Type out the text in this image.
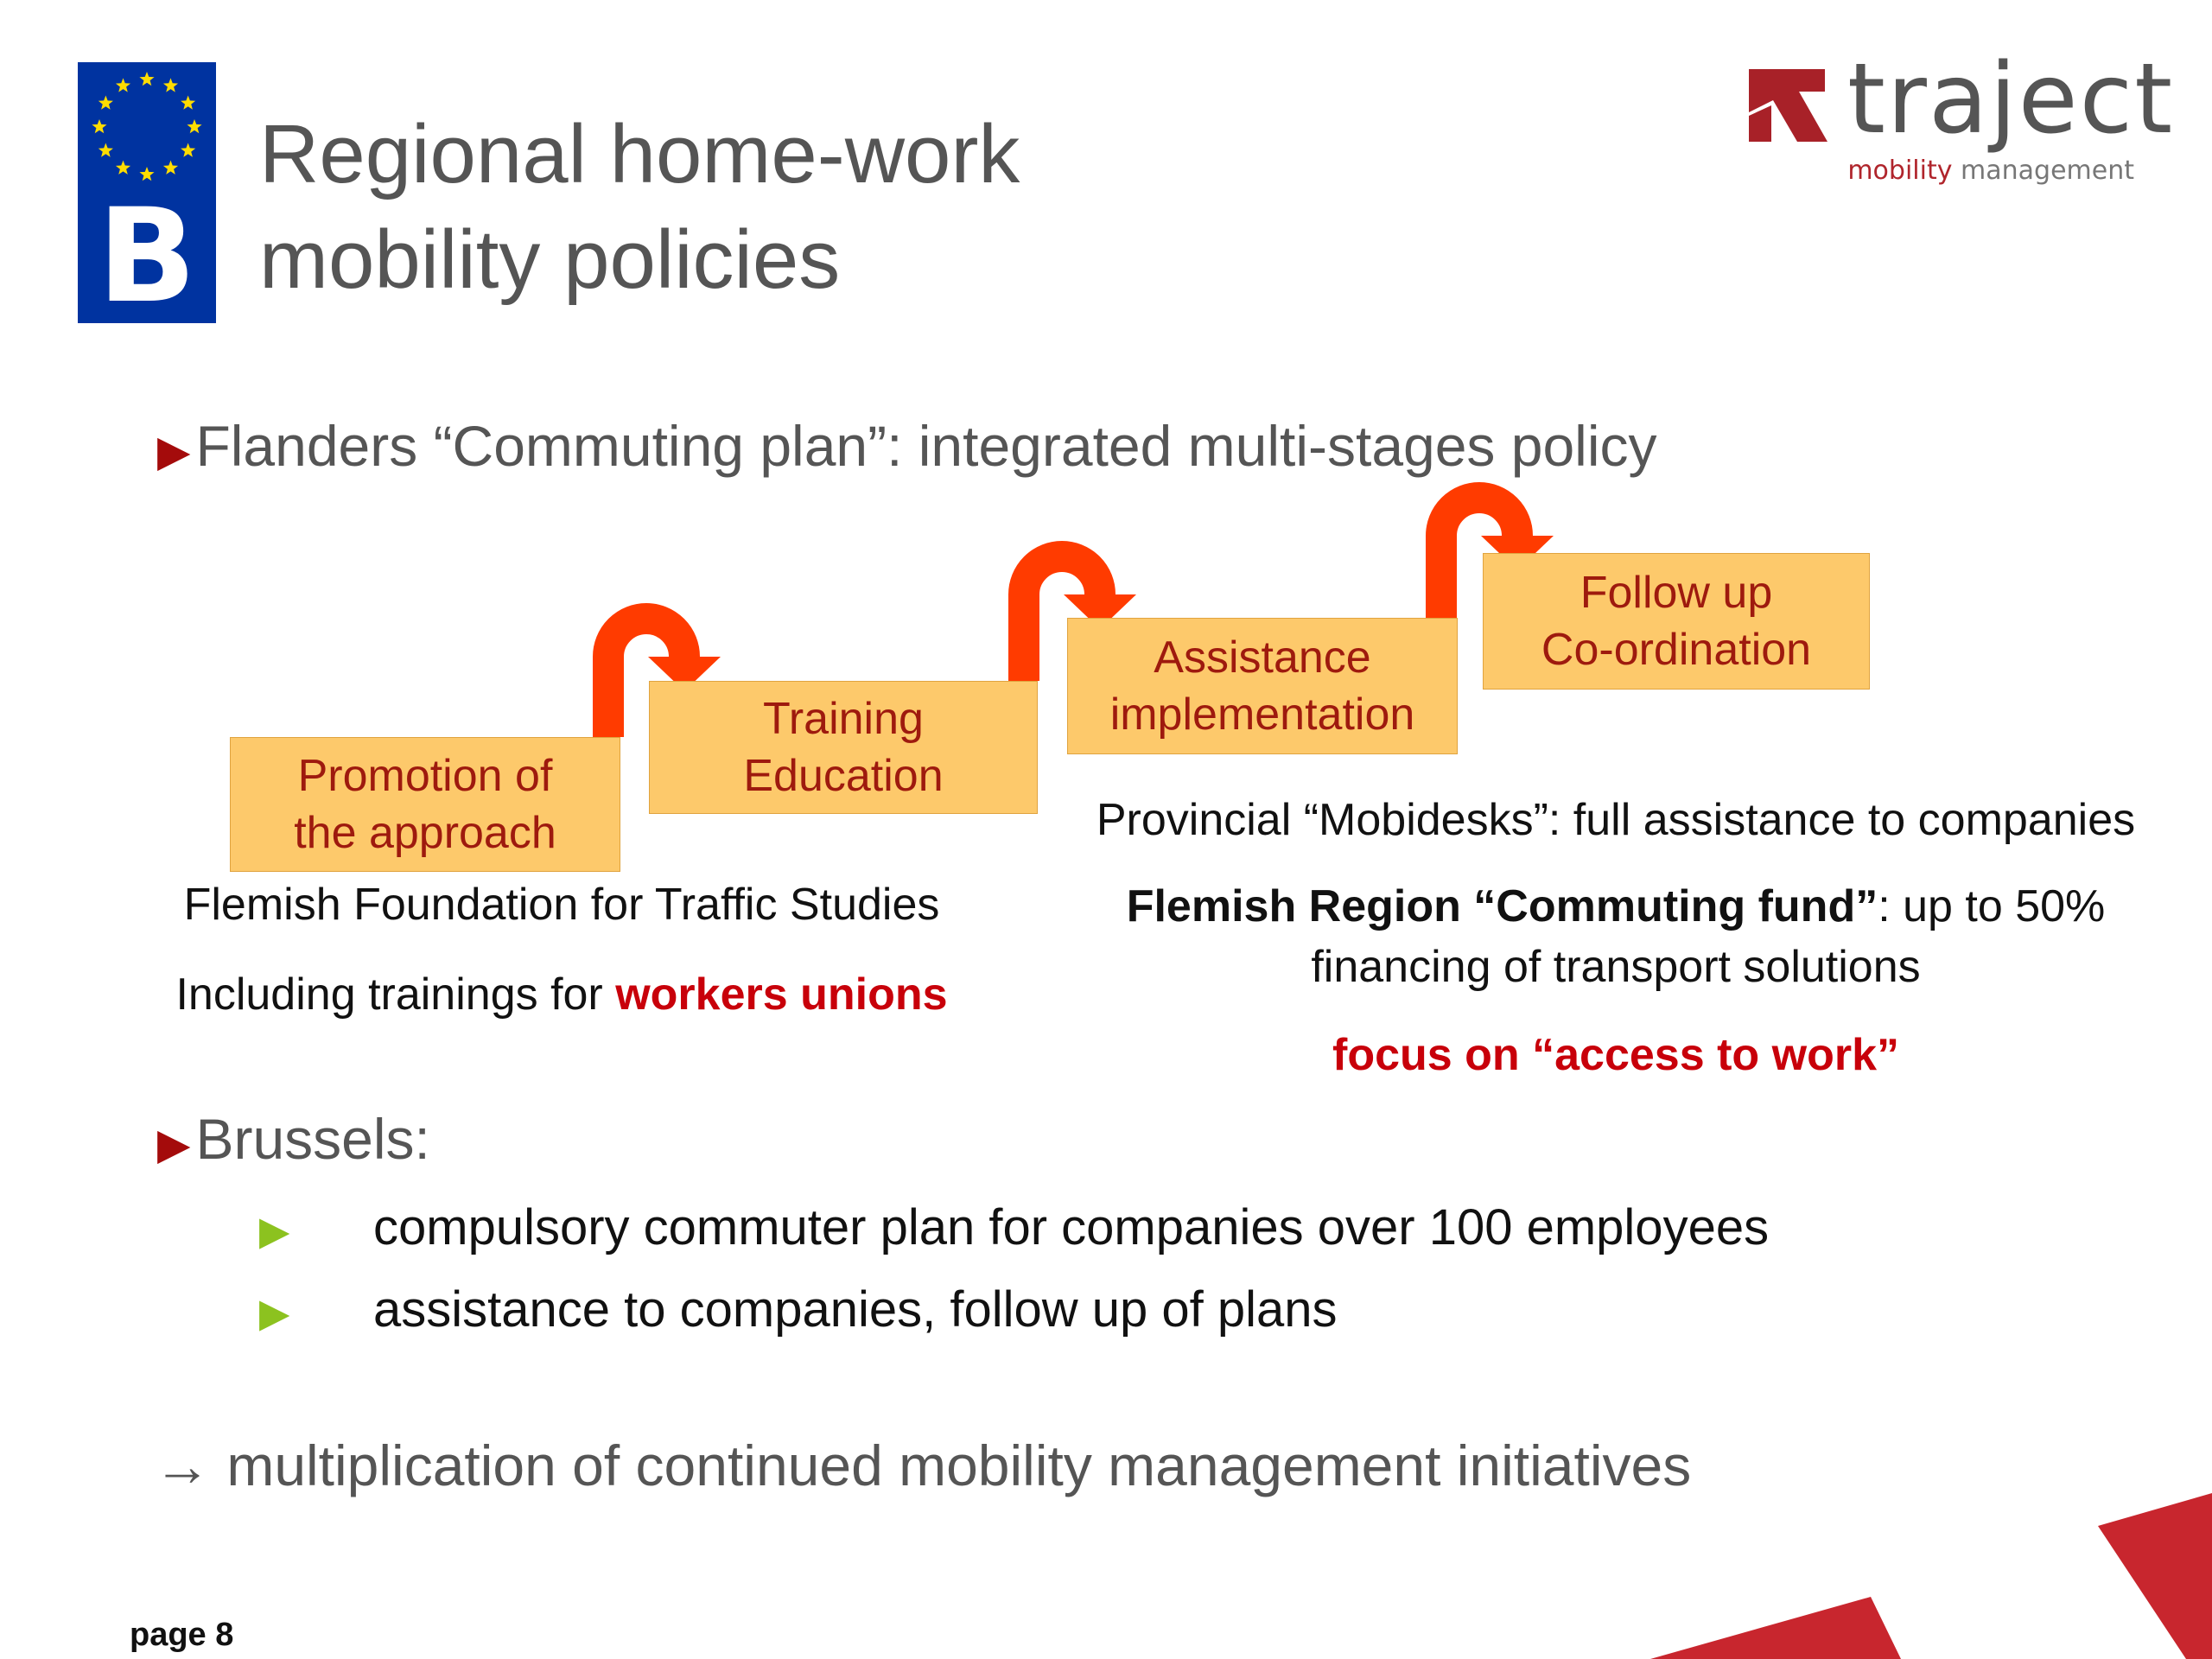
B
Regional home-work
mobility policies
traject
mobility management
▶ Flanders “Commuting plan”: integrated multi-stages policy
Promotion of
the approach
Training
Education
Assistance
implementation
Follow up
Co-ordination
Flemish Foundation for Traffic Studies
Including trainings for workers unions
Provincial “Mobidesks”: full assistance to companies
Flemish Region “Commuting fund”: up to 50%
financing of transport solutions
focus on “access to work”
▶ Brussels:
▶	compulsory commuter plan for companies over 100 employees
▶	assistance to companies, follow up of plans
→ multiplication of continued mobility management initiatives
page 8
